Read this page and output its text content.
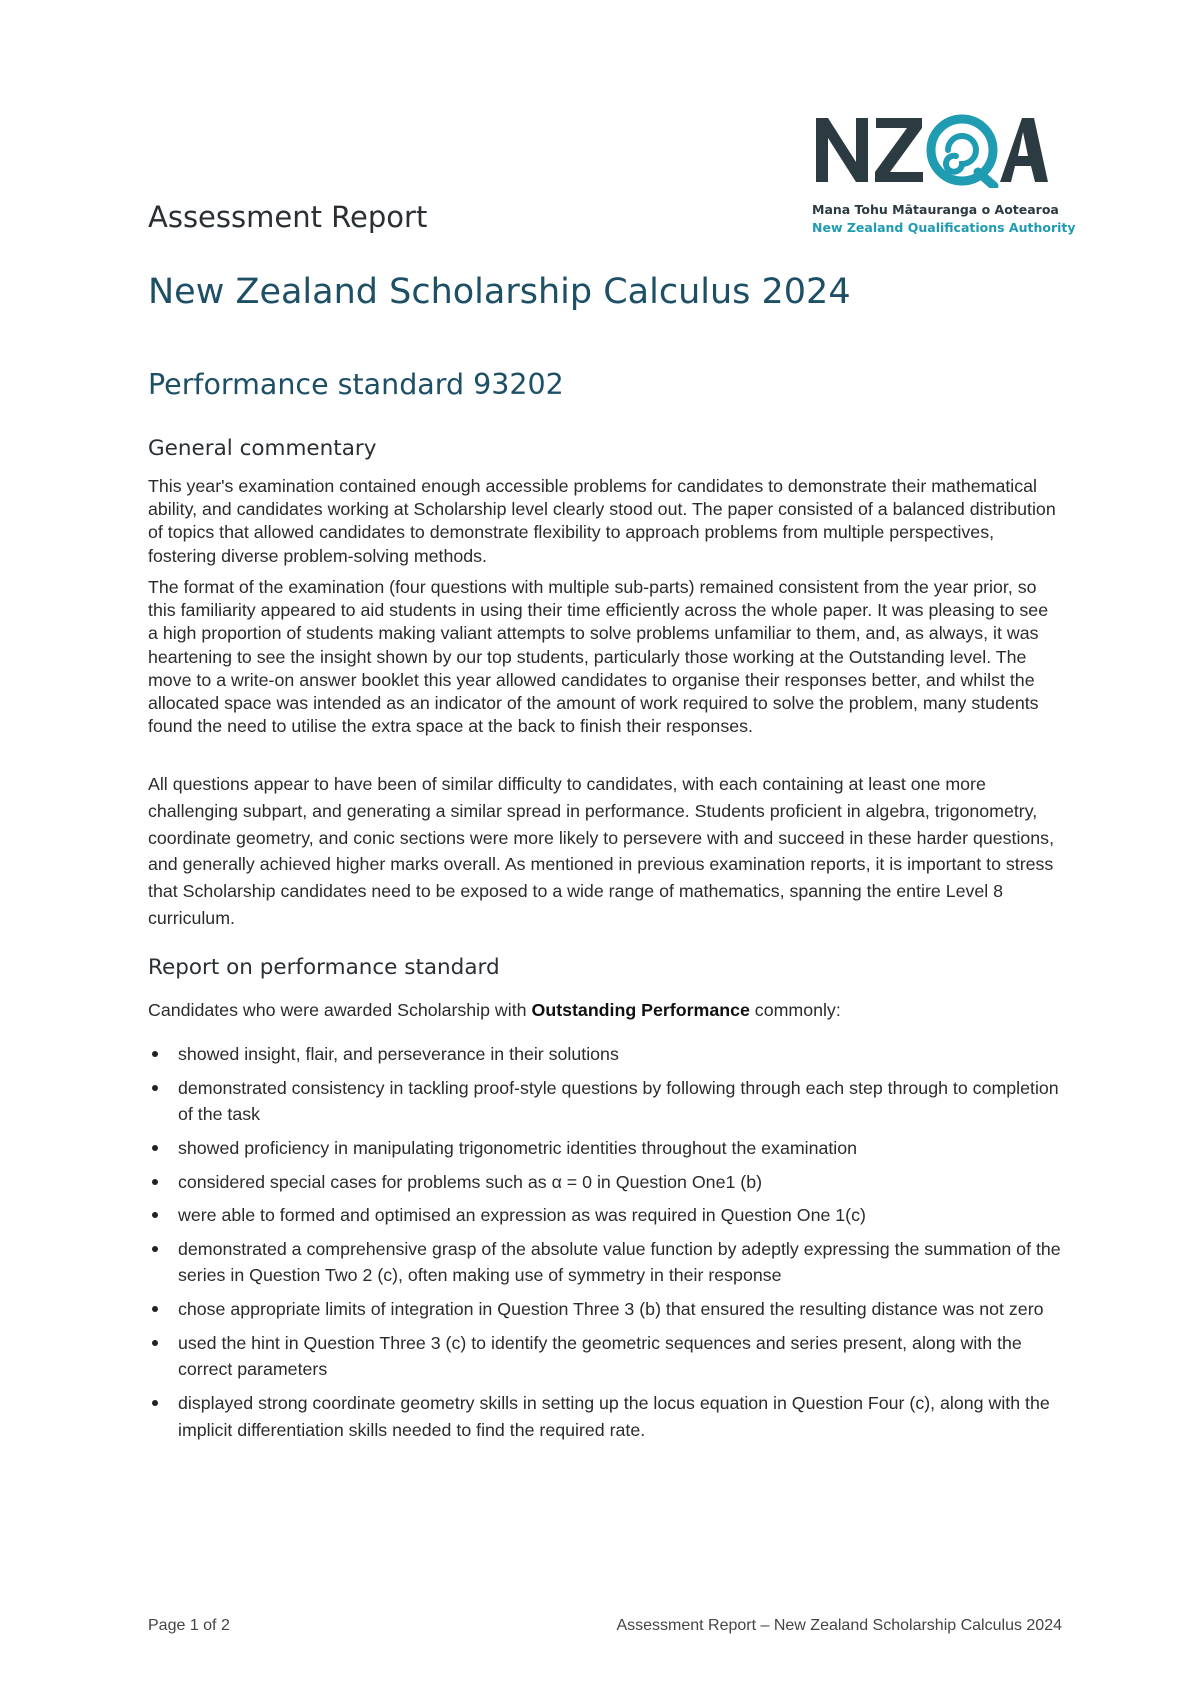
Mana Tohu Mātauranga o Aotearoa
New Zealand Qualifications Authority
Assessment Report
New Zealand Scholarship Calculus 2024
Performance standard 93202
General commentary

This year's examination contained enough accessible problems for candidates to demonstrate their mathematical ability, and candidates working at Scholarship level clearly stood out. The paper consisted of a balanced distribution of topics that allowed candidates to demonstrate flexibility to approach problems from multiple perspectives, fostering diverse problem-solving methods.

The format of the examination (four questions with multiple sub-parts) remained consistent from the year prior, so this familiarity appeared to aid students in using their time efficiently across the whole paper. It was pleasing to see a high proportion of students making valiant attempts to solve problems unfamiliar to them, and, as always, it was heartening to see the insight shown by our top students, particularly those working at the Outstanding level. The move to a write-on answer booklet this year allowed candidates to organise their responses better, and whilst the allocated space was intended as an indicator of the amount of work required to solve the problem, many students found the need to utilise the extra space at the back to finish their responses.

All questions appear to have been of similar difficulty to candidates, with each containing at least one more challenging subpart, and generating a similar spread in performance. Students proficient in algebra, trigonometry, coordinate geometry, and conic sections were more likely to persevere with and succeed in these harder questions, and generally achieved higher marks overall. As mentioned in previous examination reports, it is important to stress that Scholarship candidates need to be exposed to a wide range of mathematics, spanning the entire Level 8 curriculum.

Report on performance standard

Candidates who were awarded Scholarship with Outstanding Performance commonly:

showed insight, flair, and perseverance in their solutions
demonstrated consistency in tackling proof-style questions by following through each step through to completion of the task
showed proficiency in manipulating trigonometric identities throughout the examination
considered special cases for problems such as α = 0 in Question One1 (b)
were able to formed and optimised an expression as was required in Question One 1(c)
demonstrated a comprehensive grasp of the absolute value function by adeptly expressing the summation of the series in Question Two 2 (c), often making use of symmetry in their response
chose appropriate limits of integration in Question Three 3 (b) that ensured the resulting distance was not zero
used the hint in Question Three 3 (c) to identify the geometric sequences and series present, along with the correct parameters
displayed strong coordinate geometry skills in setting up the locus equation in Question Four (c), along with the implicit differentiation skills needed to find the required rate.
Page 1 of 2	Assessment Report – New Zealand Scholarship Calculus 2024
